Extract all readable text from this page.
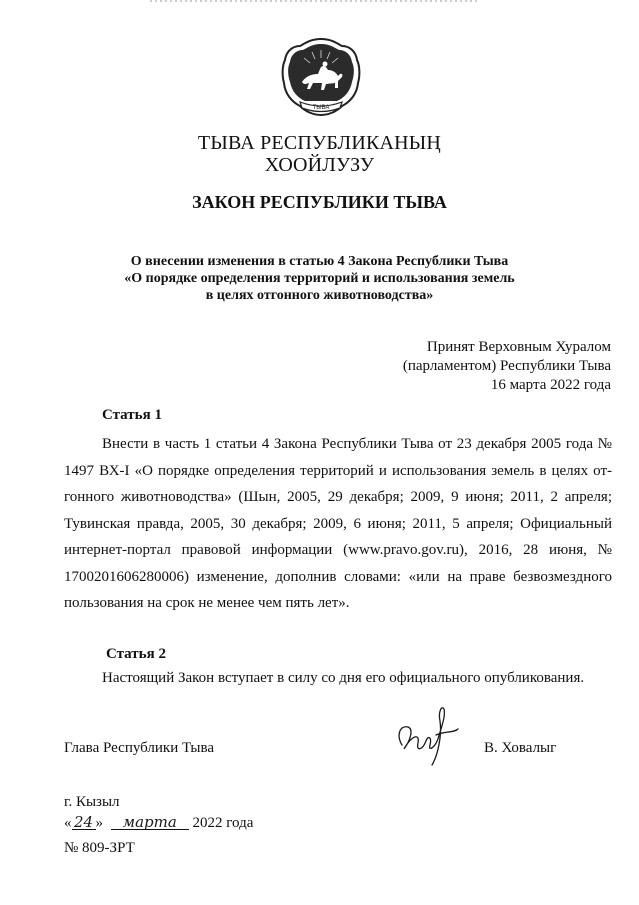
ТЫВА
ТЫВА РЕСПУБЛИКАНЫҢ
ХООЙЛУЗУ
ЗАКОН РЕСПУБЛИКИ ТЫВА
О внесении изменения в статью 4 Закона Республики Тыва
«О порядке определения территорий и использования земель
в целях отгонного животноводства»
Принят Верховным Хуралом
(парламентом) Республики Тыва
16 марта 2022 года
Статья 1
Внести в часть 1 статьи 4 Закона Республики Тыва от 23 декабря 2005 года № 1497 ВХ-I «О порядке определения территорий и использования земель в целях отгонного животноводства» (Шын, 2005, 29 декабря; 2009, 9 июня; 2011, 2 апреля; Тувинская правда, 2005, 30 декабря; 2009, 6 июня; 2011, 5 апреля; Официальный интернет-портал правовой информации (www.pravo.gov.ru), 2016, 28 июня, № 1700201606280006) изменение, дополнив словами: «или на праве безвозмездного пользования на срок не менее чем пять лет».
Статья 2
Настоящий Закон вступает в силу со дня его официального опубликования.
Глава Республики Тыва	В. Ховалыг
г. Кызыл
« 24 » марта 2022 года
№ 809-ЗРТ
